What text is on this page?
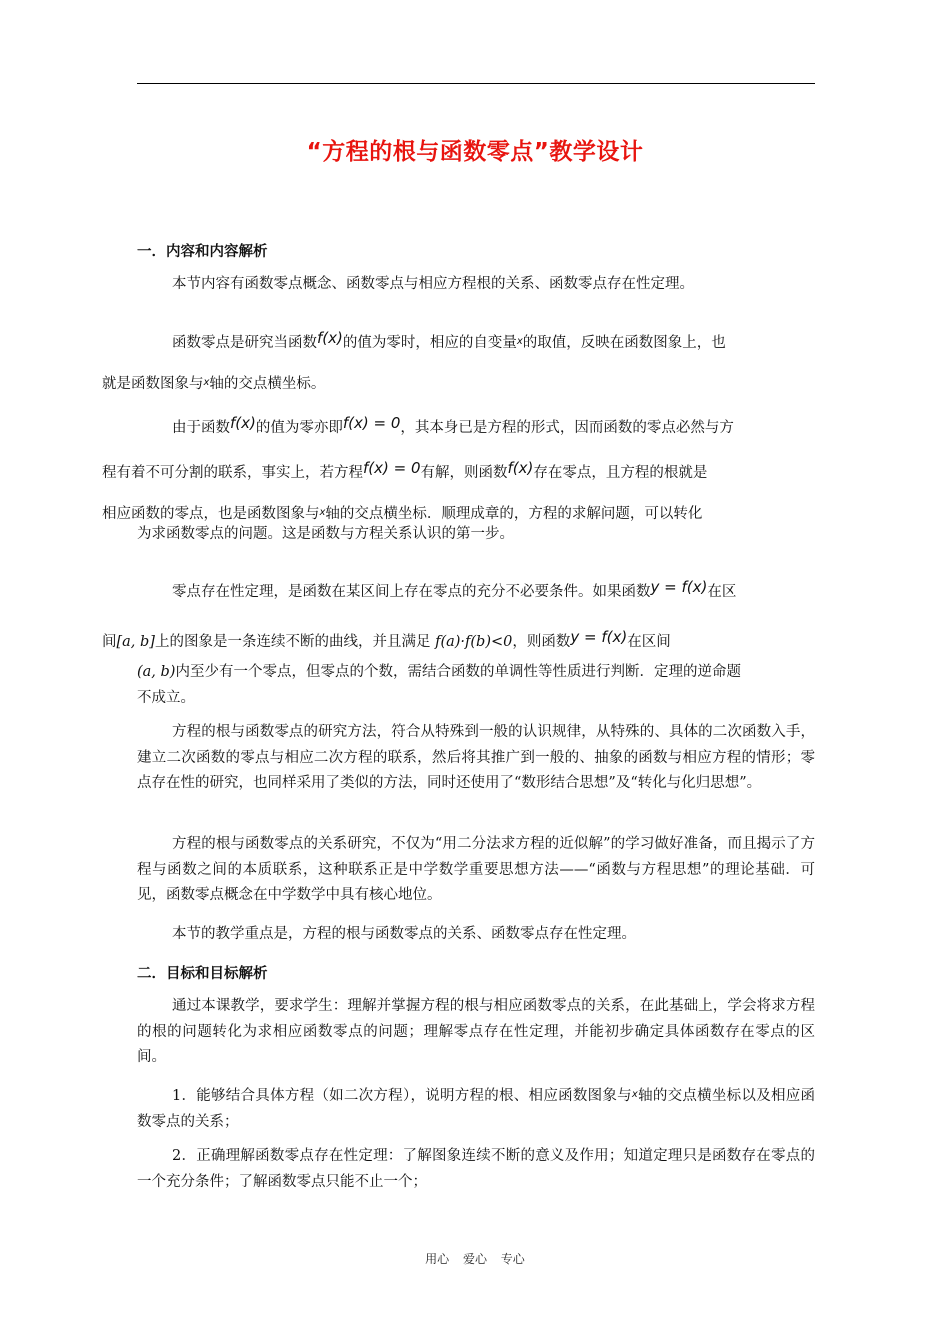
“方程的根与函数零点”教学设计
一．内容和内容解析
本节内容有函数零点概念、函数零点与相应方程根的关系、函数零点存在性定理。
函数零点是研究当函数f(x)的值为零时，相应的自变量$^x$的取值，反映在函数图象上，也
就是函数图象与$^x$轴的交点横坐标。
由于函数f(x)的值为零亦即f(x) = 0，其本身已是方程的形式，因而函数的零点必然与方
程有着不可分割的联系，事实上，若方程f(x) = 0有解，则函数f(x)存在零点，且方程的根就是
相应函数的零点，也是函数图象与$^x$轴的交点横坐标．顺理成章的，方程的求解问题，可以转化
为求函数零点的问题。这是函数与方程关系认识的第一步。
零点存在性定理，是函数在某区间上存在零点的充分不必要条件。如果函数y = f(x)在区
间[a, b]上的图象是一条连续不断的曲线，并且满足 f(a)·f(b)<0，则函数y = f(x)在区间
(a, b)内至少有一个零点，但零点的个数，需结合函数的单调性等性质进行判断．定理的逆命题
不成立。
方程的根与函数零点的研究方法，符合从特殊到一般的认识规律，从特殊的、具体的二次函数入手，建立二次函数的零点与相应二次方程的联系，然后将其推广到一般的、抽象的函数与相应方程的情形；零点存在性的研究，也同样采用了类似的方法，同时还使用了“数形结合思想”及“转化与化归思想”。
方程的根与函数零点的关系研究，不仅为“用二分法求方程的近似解”的学习做好准备，而且揭示了方程与函数之间的本质联系，这种联系正是中学数学重要思想方法——“函数与方程思想”的理论基础．可见，函数零点概念在中学数学中具有核心地位。
本节的教学重点是，方程的根与函数零点的关系、函数零点存在性定理。
二．目标和目标解析
通过本课教学，要求学生：理解并掌握方程的根与相应函数零点的关系，在此基础上，学会将求方程的根的问题转化为求相应函数零点的问题；理解零点存在性定理，并能初步确定具体函数存在零点的区间。
1．能够结合具体方程（如二次方程），说明方程的根、相应函数图象与$^x$轴的交点横坐标以及相应函数零点的关系；
2．正确理解函数零点存在性定理：了解图象连续不断的意义及作用；知道定理只是函数存在零点的一个充分条件；了解函数零点只能不止一个；
用心 爱心 专心
